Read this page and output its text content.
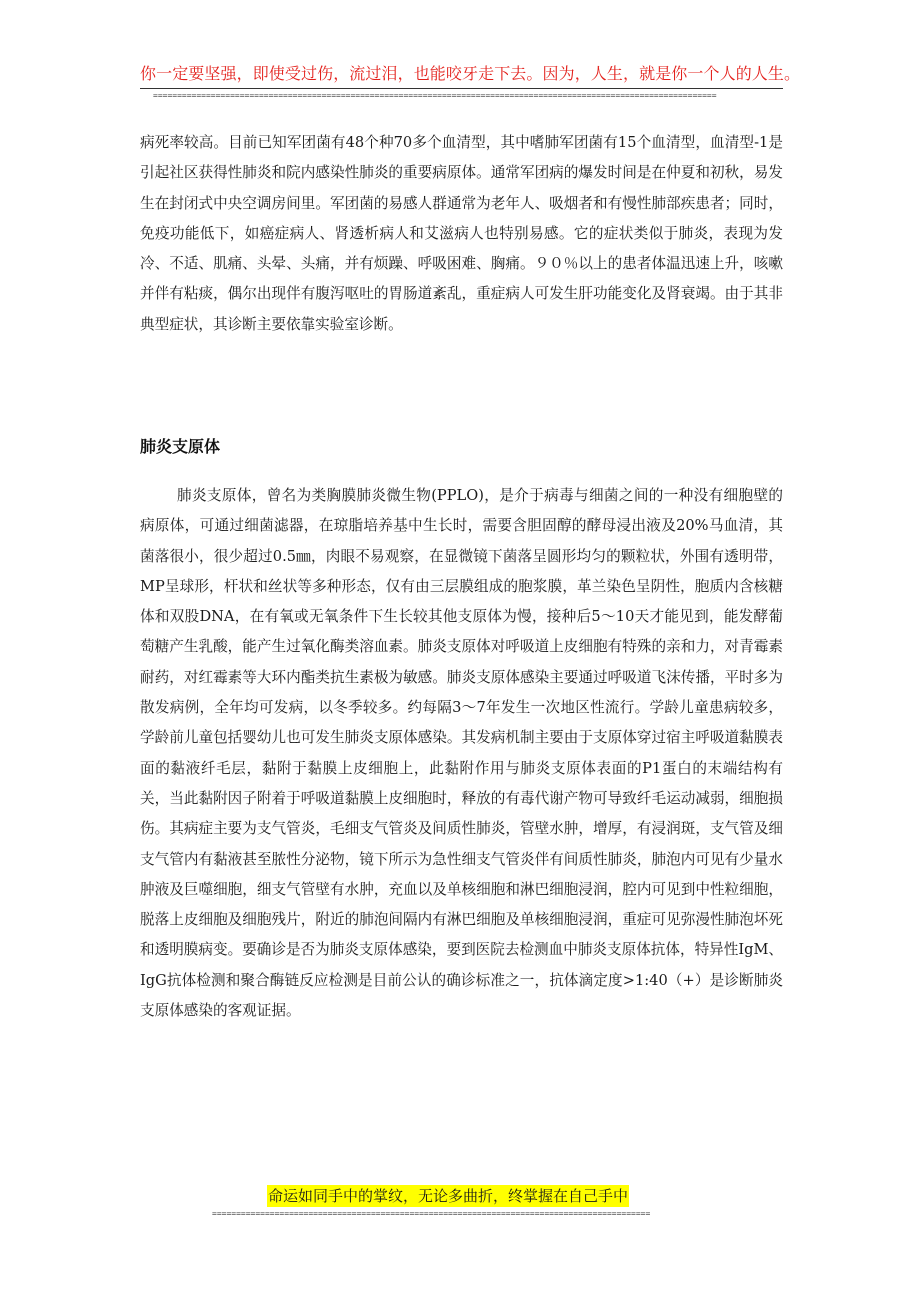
你一定要坚强，即使受过伤，流过泪，也能咬牙走下去。因为，人生，就是你一个人的人生。
=====================================================================================================================
病死率较高。目前已知军团菌有48个种70多个血清型，其中嗜肺军团菌有15个血清型，血清型-1是引起社区获得性肺炎和院内感染性肺炎的重要病原体。通常军团病的爆发时间是在仲夏和初秋，易发生在封闭式中央空调房间里。军团菌的易感人群通常为老年人、吸烟者和有慢性肺部疾患者；同时，免疫功能低下，如癌症病人、肾透析病人和艾滋病人也特别易感。它的症状类似于肺炎，表现为发冷、不适、肌痛、头晕、头痛，并有烦躁、呼吸困难、胸痛。９０％以上的患者体温迅速上升，咳嗽并伴有粘痰，偶尔出现伴有腹泻呕吐的胃肠道紊乱，重症病人可发生肝功能变化及肾衰竭。由于其非典型症状，其诊断主要依靠实验室诊断。
肺炎支原体
肺炎支原体，曾名为类胸膜肺炎微生物(PPLO)，是介于病毒与细菌之间的一种没有细胞壁的病原体，可通过细菌滤器，在琼脂培养基中生长时，需要含胆固醇的酵母浸出液及20%马血清，其菌落很小，很少超过0.5㎜，肉眼不易观察，在显微镜下菌落呈圆形均匀的颗粒状，外围有透明带，MP呈球形，杆状和丝状等多种形态，仅有由三层膜组成的胞浆膜，革兰染色呈阴性，胞质内含核糖体和双股DNA，在有氧或无氧条件下生长较其他支原体为慢，接种后5～10天才能见到，能发酵葡萄糖产生乳酸，能产生过氧化酶类溶血素。肺炎支原体对呼吸道上皮细胞有特殊的亲和力，对青霉素耐药，对红霉素等大环内酯类抗生素极为敏感。肺炎支原体感染主要通过呼吸道飞沫传播，平时多为散发病例，全年均可发病，以冬季较多。约每隔3～7年发生一次地区性流行。学龄儿童患病较多，学龄前儿童包括婴幼儿也可发生肺炎支原体感染。其发病机制主要由于支原体穿过宿主呼吸道黏膜表面的黏液纤毛层，黏附于黏膜上皮细胞上，此黏附作用与肺炎支原体表面的P1蛋白的末端结构有关，当此黏附因子附着于呼吸道黏膜上皮细胞时，释放的有毒代谢产物可导致纤毛运动减弱，细胞损伤。其病症主要为支气管炎，毛细支气管炎及间质性肺炎，管壁水肿，增厚，有浸润斑，支气管及细支气管内有黏液甚至脓性分泌物，镜下所示为急性细支气管炎伴有间质性肺炎，肺泡内可见有少量水肿液及巨噬细胞，细支气管壁有水肿，充血以及单核细胞和淋巴细胞浸润，腔内可见到中性粒细胞，脱落上皮细胞及细胞残片，附近的肺泡间隔内有淋巴细胞及单核细胞浸润，重症可见弥漫性肺泡坏死和透明膜病变。要确诊是否为肺炎支原体感染，要到医院去检测血中肺炎支原体抗体，特异性IgM、IgG抗体检测和聚合酶链反应检测是目前公认的确诊标准之一，抗体滴定度>1:40（+）是诊断肺炎支原体感染的客观证据。
命运如同手中的掌纹，无论多曲折，终掌握在自己手中
===========================================================================================
